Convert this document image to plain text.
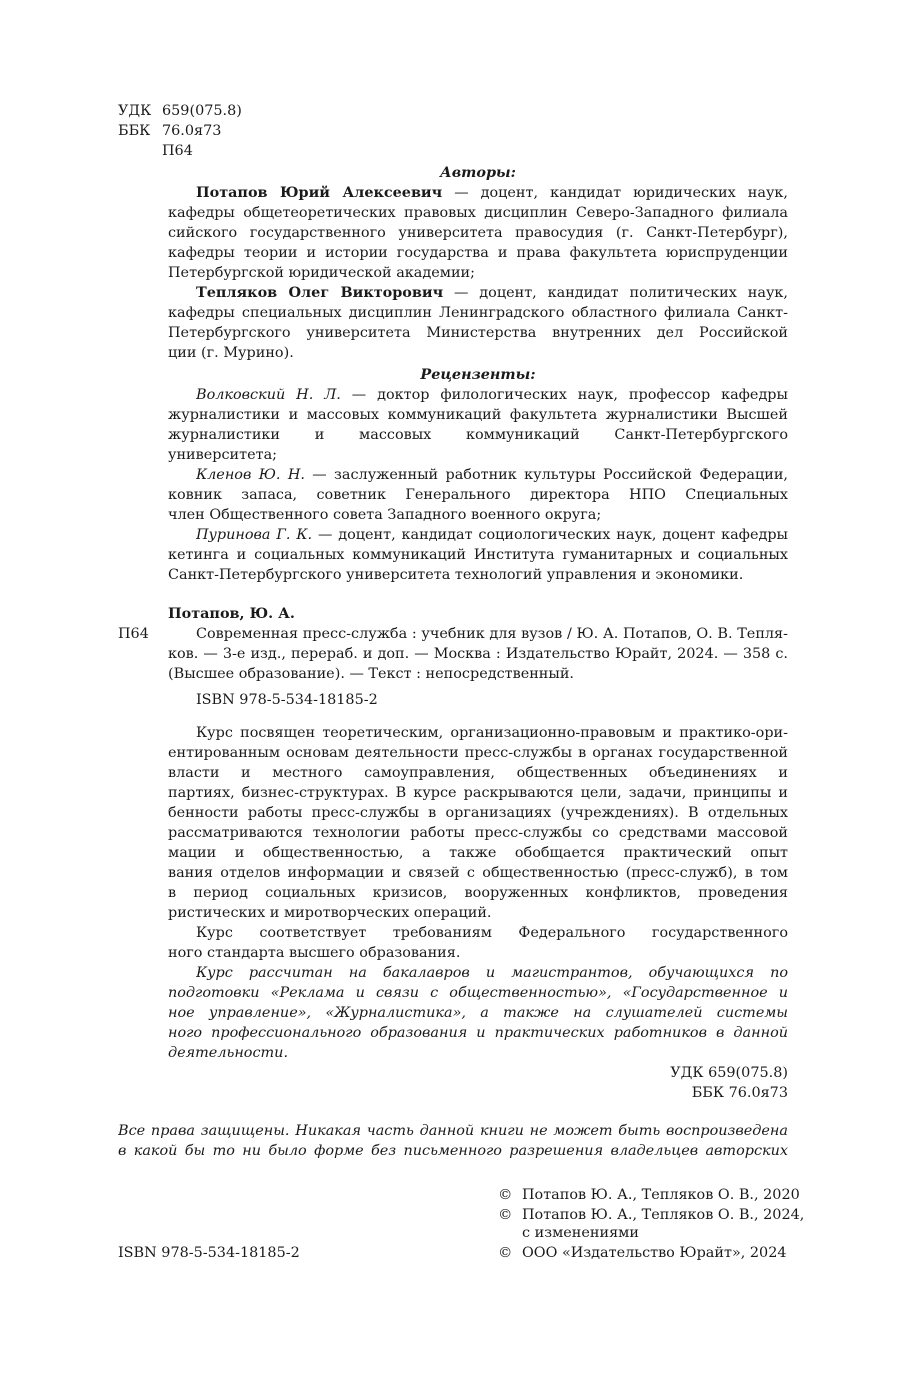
УДК 659(075.8)
ББК 76.0я73
П64
Авторы:
Потапов Юрий Алексеевич — доцент, кандидат юридических наук,
кафедры общетеоретических правовых дисциплин Северо-Западного филиала
сийского государственного университета правосудия (г. Санкт-Петербург),
кафедры теории и истории государства и права факультета юриспруденции
Петербургской юридической академии;
Тепляков Олег Викторович — доцент, кандидат политических наук,
кафедры специальных дисциплин Ленинградского областного филиала Санкт-
Петербургского университета Министерства внутренних дел Российской
ции (г. Мурино).
Рецензенты:
Волковский Н. Л. — доктор филологических наук, профессор кафедры
журналистики и массовых коммуникаций факультета журналистики Высшей
журналистики и массовых коммуникаций Санкт-Петербургского
университета;
Кленов Ю. Н. — заслуженный работник культуры Российской Федерации,
ковник запаса, советник Генерального директора НПО Специальных
член Общественного совета Западного военного округа;
Пуринова Г. К. — доцент, кандидат социологических наук, доцент кафедры
кетинга и социальных коммуникаций Института гуманитарных и социальных
Санкт-Петербургского университета технологий управления и экономики.
Потапов, Ю. А.
П64	Современная пресс-служба : учебник для вузов / Ю. А. Потапов, О. В. Тепля-
ков. — 3-е изд., перераб. и доп. — Москва : Издательство Юрайт, 2024. — 358 с.
(Высшее образование). — Текст : непосредственный.
ISBN 978-5-534-18185-2
Курс посвящен теоретическим, организационно-правовым и практико-ори-
ентированным основам деятельности пресс-службы в органах государственной
власти и местного самоуправления, общественных объединениях и
партиях, бизнес-структурах. В курсе раскрываются цели, задачи, принципы и
бенности работы пресс-службы в организациях (учреждениях). В отдельных
рассматриваются технологии работы пресс-службы со средствами массовой
мации и общественностью, а также обобщается практический опыт
вания отделов информации и связей с общественностью (пресс-служб), в том
в период социальных кризисов, вооруженных конфликтов, проведения
ристических и миротворческих операций.
Курс соответствует требованиям Федерального государственного
ного стандарта высшего образования.
Курс рассчитан на бакалавров и магистрантов, обучающихся по
подготовки «Реклама и связи с общественностью», «Государственное и
ное управление», «Журналистика», а также на слушателей системы
ного профессионального образования и практических работников в данной
деятельности.
УДК 659(075.8)
ББК 76.0я73
Все права защищены. Никакая часть данной книги не может быть воспроизведена
в какой бы то ни было форме без письменного разрешения владельцев авторских
© Потапов Ю. А., Тепляков О. В., 2020
© Потапов Ю. А., Тепляков О. В., 2024,
с изменениями
ISBN 978-5-534-18185-2	© ООО «Издательство Юрайт», 2024
